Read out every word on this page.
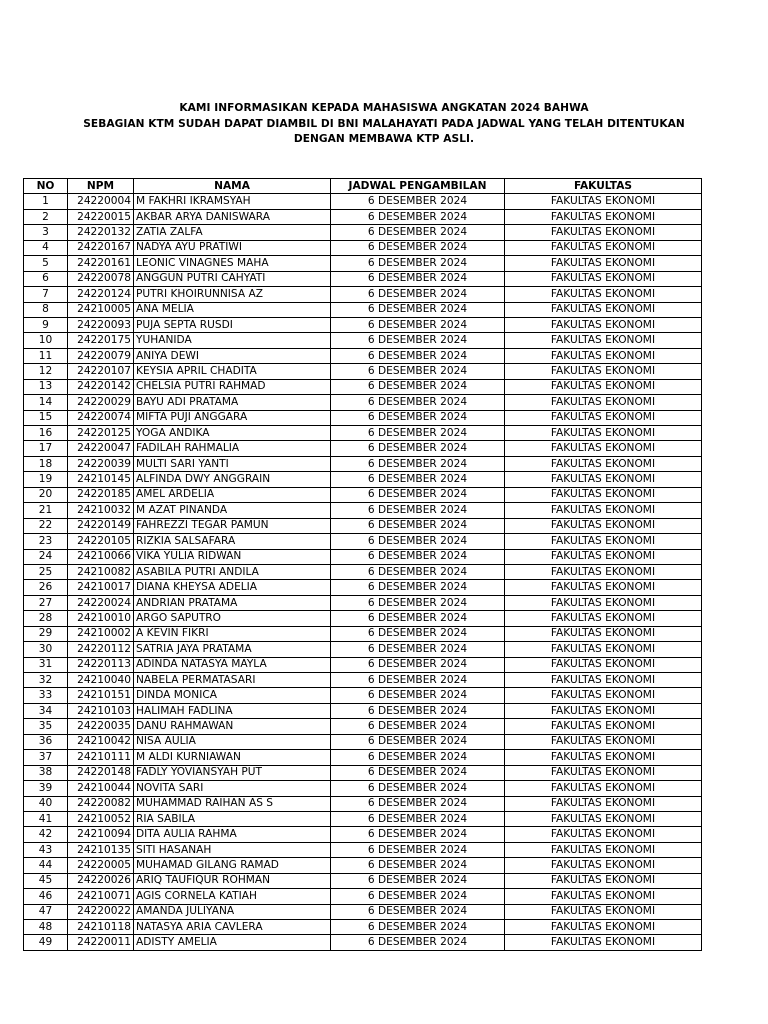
KAMI INFORMASIKAN KEPADA MAHASISWA ANGKATAN 2024 BAHWA
SEBAGIAN KTM SUDAH DAPAT DIAMBIL DI BNI MALAHAYATI PADA JADWAL YANG TELAH DITENTUKAN
DENGAN MEMBAWA KTP ASLI.
NO	NPM	NAMA	JADWAL PENGAMBILAN	FAKULTAS
1	24220004	M FAKHRI IKRAMSYAH	6 DESEMBER 2024	FAKULTAS EKONOMI
2	24220015	AKBAR ARYA DANISWARA	6 DESEMBER 2024	FAKULTAS EKONOMI
3	24220132	ZATIA ZALFA	6 DESEMBER 2024	FAKULTAS EKONOMI
4	24220167	NADYA AYU PRATIWI	6 DESEMBER 2024	FAKULTAS EKONOMI
5	24220161	LEONIC VINAGNES MAHA	6 DESEMBER 2024	FAKULTAS EKONOMI
6	24220078	ANGGUN PUTRI CAHYATI	6 DESEMBER 2024	FAKULTAS EKONOMI
7	24220124	PUTRI KHOIRUNNISA AZ	6 DESEMBER 2024	FAKULTAS EKONOMI
8	24210005	ANA MELIA	6 DESEMBER 2024	FAKULTAS EKONOMI
9	24220093	PUJA SEPTA RUSDI	6 DESEMBER 2024	FAKULTAS EKONOMI
10	24220175	YUHANIDA	6 DESEMBER 2024	FAKULTAS EKONOMI
11	24220079	ANIYA DEWI	6 DESEMBER 2024	FAKULTAS EKONOMI
12	24220107	KEYSIA APRIL CHADITA	6 DESEMBER 2024	FAKULTAS EKONOMI
13	24220142	CHELSIA PUTRI RAHMAD	6 DESEMBER 2024	FAKULTAS EKONOMI
14	24220029	BAYU ADI PRATAMA	6 DESEMBER 2024	FAKULTAS EKONOMI
15	24220074	MIFTA PUJI ANGGARA	6 DESEMBER 2024	FAKULTAS EKONOMI
16	24220125	YOGA ANDIKA	6 DESEMBER 2024	FAKULTAS EKONOMI
17	24220047	FADILAH RAHMALIA	6 DESEMBER 2024	FAKULTAS EKONOMI
18	24220039	MULTI SARI YANTI	6 DESEMBER 2024	FAKULTAS EKONOMI
19	24210145	ALFINDA DWY ANGGRAIN	6 DESEMBER 2024	FAKULTAS EKONOMI
20	24220185	AMEL ARDELIA	6 DESEMBER 2024	FAKULTAS EKONOMI
21	24210032	M AZAT PINANDA	6 DESEMBER 2024	FAKULTAS EKONOMI
22	24220149	FAHREZZI TEGAR PAMUN	6 DESEMBER 2024	FAKULTAS EKONOMI
23	24220105	RIZKIA SALSAFARA	6 DESEMBER 2024	FAKULTAS EKONOMI
24	24210066	VIKA YULIA RIDWAN	6 DESEMBER 2024	FAKULTAS EKONOMI
25	24210082	ASABILA PUTRI ANDILA	6 DESEMBER 2024	FAKULTAS EKONOMI
26	24210017	DIANA KHEYSA ADELIA	6 DESEMBER 2024	FAKULTAS EKONOMI
27	24220024	ANDRIAN PRATAMA	6 DESEMBER 2024	FAKULTAS EKONOMI
28	24210010	ARGO SAPUTRO	6 DESEMBER 2024	FAKULTAS EKONOMI
29	24210002	A KEVIN FIKRI	6 DESEMBER 2024	FAKULTAS EKONOMI
30	24220112	SATRIA JAYA PRATAMA	6 DESEMBER 2024	FAKULTAS EKONOMI
31	24220113	ADINDA NATASYA MAYLA	6 DESEMBER 2024	FAKULTAS EKONOMI
32	24210040	NABELA PERMATASARI	6 DESEMBER 2024	FAKULTAS EKONOMI
33	24210151	DINDA MONICA	6 DESEMBER 2024	FAKULTAS EKONOMI
34	24210103	HALIMAH FADLINA	6 DESEMBER 2024	FAKULTAS EKONOMI
35	24220035	DANU RAHMAWAN	6 DESEMBER 2024	FAKULTAS EKONOMI
36	24210042	NISA AULIA	6 DESEMBER 2024	FAKULTAS EKONOMI
37	24210111	M ALDI KURNIAWAN	6 DESEMBER 2024	FAKULTAS EKONOMI
38	24220148	FADLY YOVIANSYAH PUT	6 DESEMBER 2024	FAKULTAS EKONOMI
39	24210044	NOVITA SARI	6 DESEMBER 2024	FAKULTAS EKONOMI
40	24220082	MUHAMMAD RAIHAN AS S	6 DESEMBER 2024	FAKULTAS EKONOMI
41	24210052	RIA SABILA	6 DESEMBER 2024	FAKULTAS EKONOMI
42	24210094	DITA AULIA RAHMA	6 DESEMBER 2024	FAKULTAS EKONOMI
43	24210135	SITI HASANAH	6 DESEMBER 2024	FAKULTAS EKONOMI
44	24220005	MUHAMAD GILANG RAMAD	6 DESEMBER 2024	FAKULTAS EKONOMI
45	24220026	ARIQ TAUFIQUR ROHMAN	6 DESEMBER 2024	FAKULTAS EKONOMI
46	24210071	AGIS CORNELA KATIAH	6 DESEMBER 2024	FAKULTAS EKONOMI
47	24220022	AMANDA JULIYANA	6 DESEMBER 2024	FAKULTAS EKONOMI
48	24210118	NATASYA ARIA CAVLERA	6 DESEMBER 2024	FAKULTAS EKONOMI
49	24220011	ADISTY AMELIA	6 DESEMBER 2024	FAKULTAS EKONOMI
